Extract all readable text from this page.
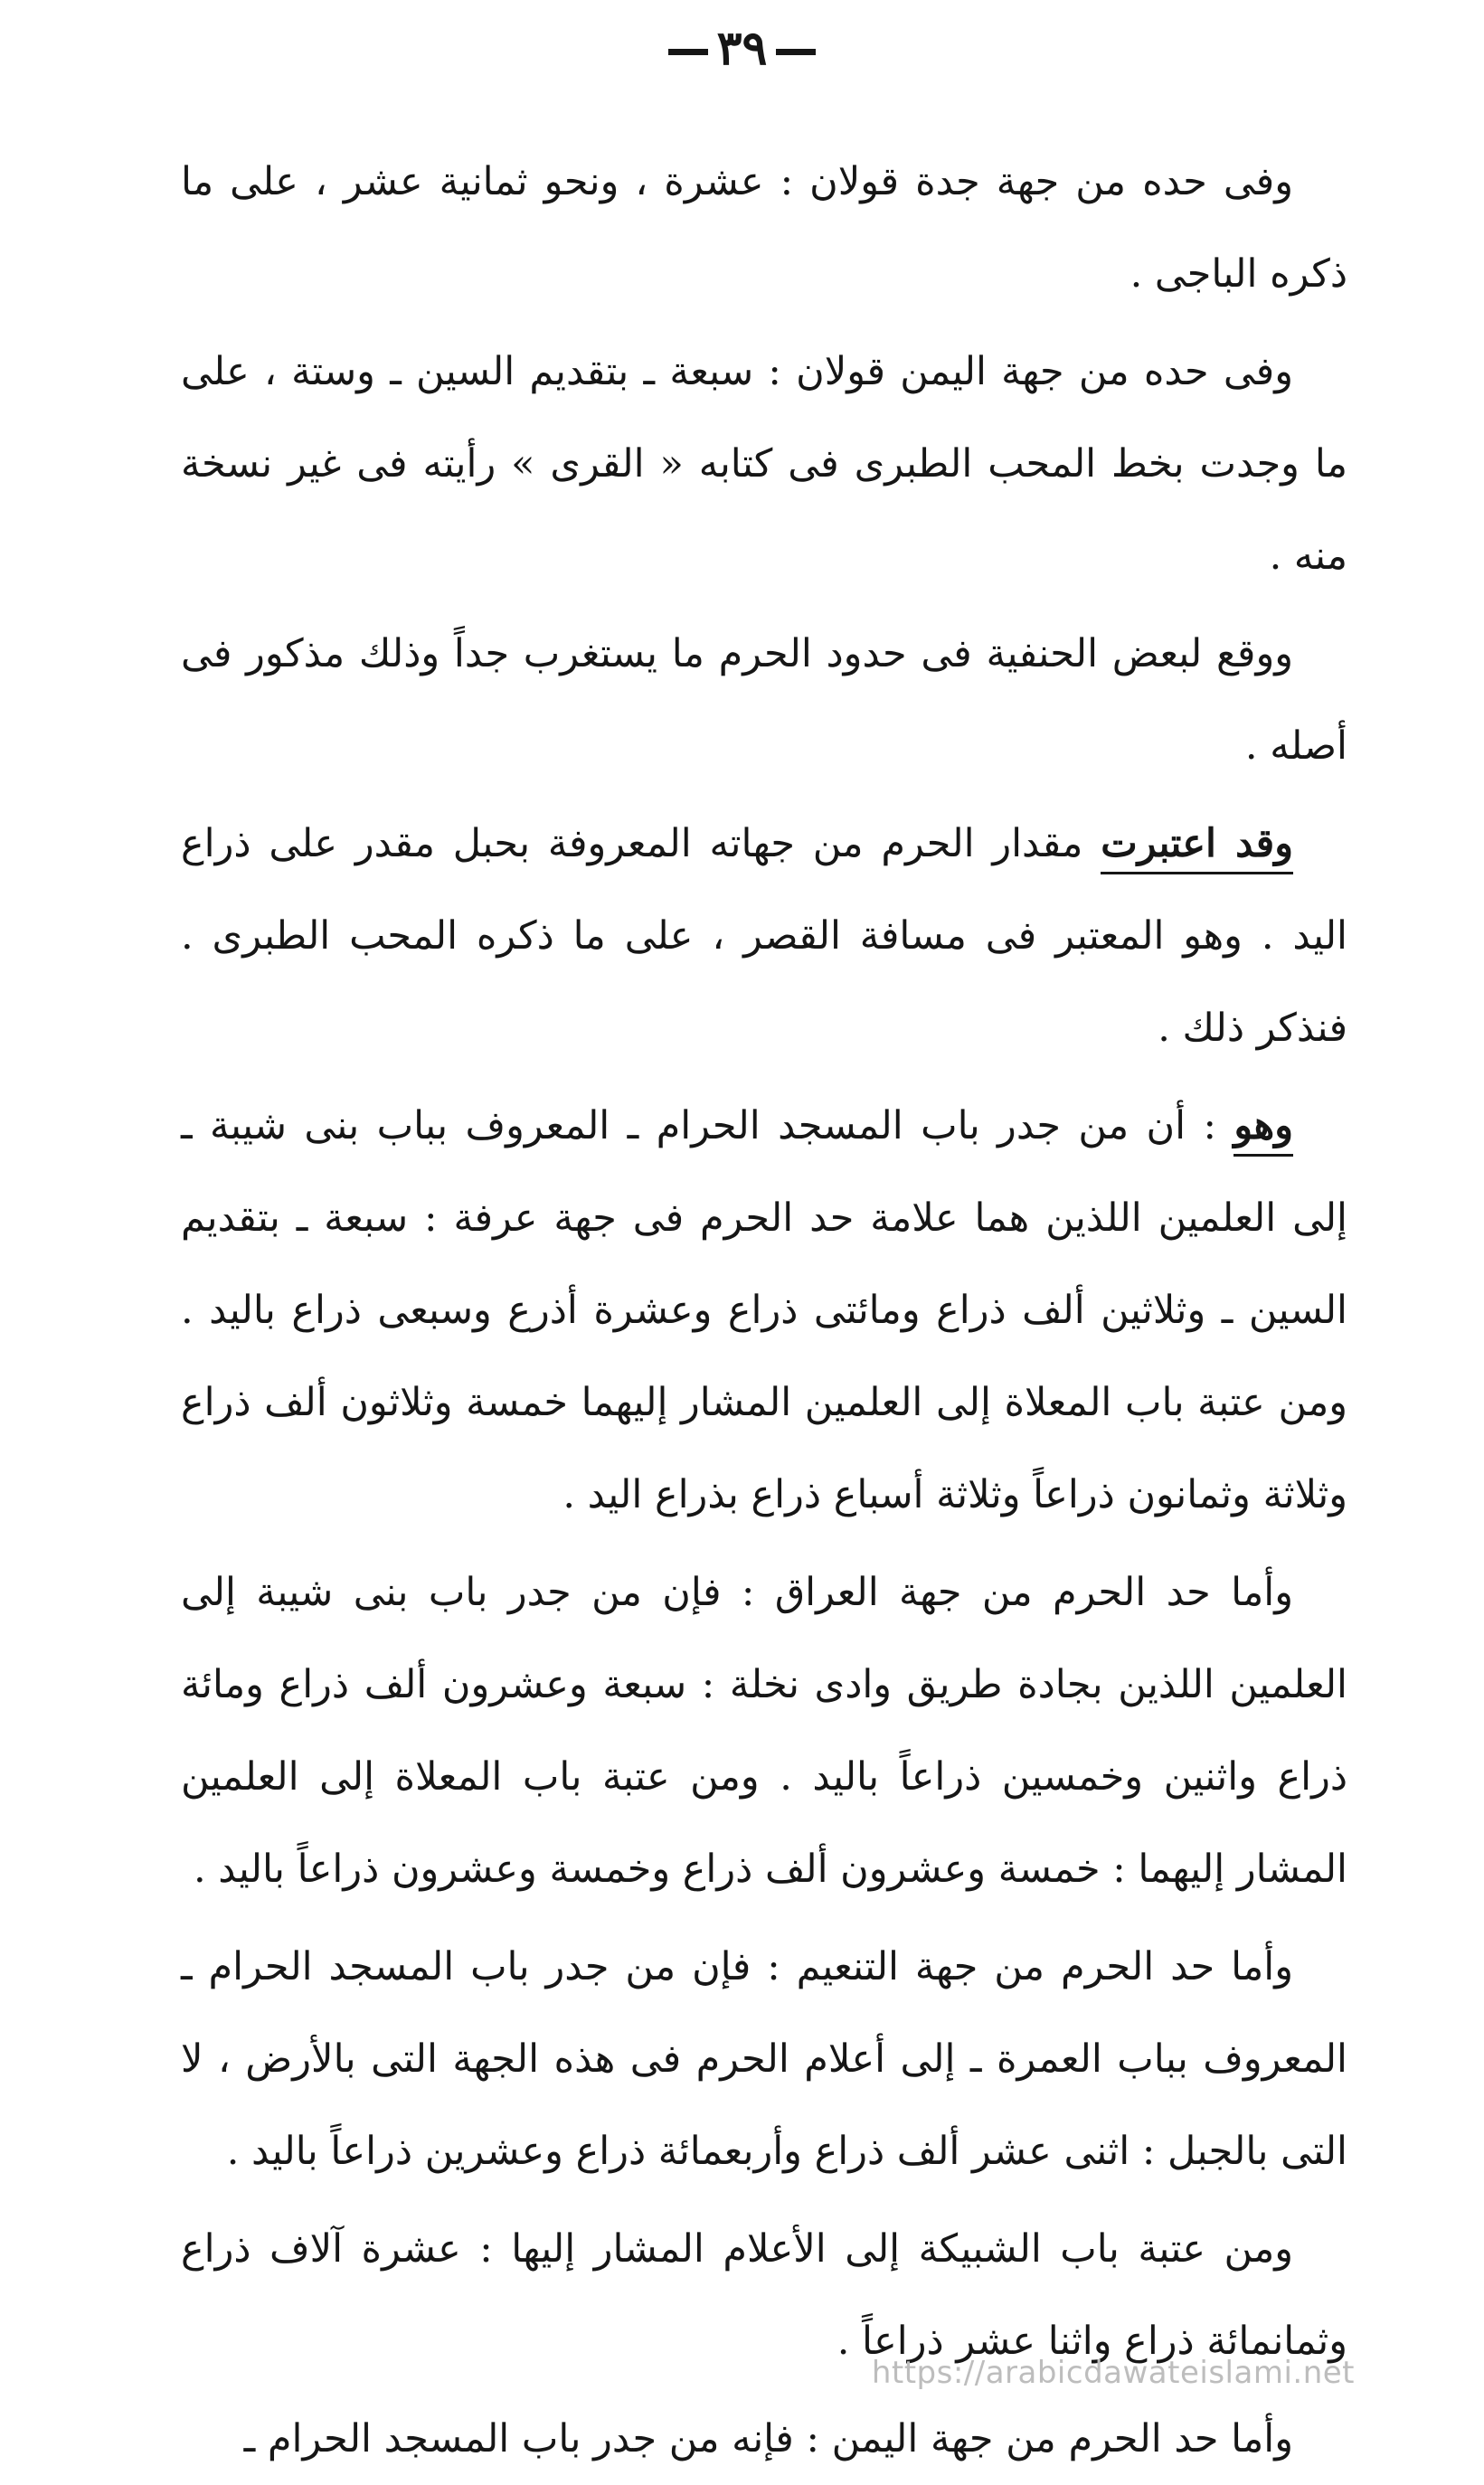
٣٩

وفى حده من جهة جدة قولان : عشرة ، ونحو ثمانية عشر ، على ما ذكره الباجى .

وفى حده من جهة اليمن قولان : سبعة ـ بتقديم السين ـ وستة ، على ما وجدت بخط المحب الطبرى فى كتابه « القرى » رأيته فى غير نسخة منه .

ووقع لبعض الحنفية فى حدود الحرم ما يستغرب جداً وذلك مذكور فى أصله .

وقد اعتبرت مقدار الحرم من جهاته المعروفة بحبل مقدر على ذراع اليد . وهو المعتبر فى مسافة القصر ، على ما ذكره المحب الطبرى . فنذكر ذلك .

وهو : أن من جدر باب المسجد الحرام ـ المعروف بباب بنى شيبة ـ إلى العلمين اللذين هما علامة حد الحرم فى جهة عرفة : سبعة ـ بتقديم السين ـ وثلاثين ألف ذراع ومائتى ذراع وعشرة أذرع وسبعى ذراع باليد . ومن عتبة باب المعلاة إلى العلمين المشار إليهما خمسة وثلاثون ألف ذراع وثلاثة وثمانون ذراعاً وثلاثة أسباع ذراع بذراع اليد .

وأما حد الحرم من جهة العراق : فإن من جدر باب بنى شيبة إلى العلمين اللذين بجادة طريق وادى نخلة : سبعة وعشرون ألف ذراع ومائة ذراع واثنين وخمسين ذراعاً باليد . ومن عتبة باب المعلاة إلى العلمين المشار إليهما : خمسة وعشرون ألف ذراع وخمسة وعشرون ذراعاً باليد .

وأما حد الحرم من جهة التنعيم : فإن من جدر باب المسجد الحرام ـ المعروف بباب العمرة ـ إلى أعلام الحرم فى هذه الجهة التى بالأرض ، لا التى بالجبل : اثنى عشر ألف ذراع وأربعمائة ذراع وعشرين ذراعاً باليد .

ومن عتبة باب الشبيكة إلى الأعلام المشار إليها : عشرة آلاف ذراع وثمانمائة ذراع واثنا عشر ذراعاً .

وأما حد الحرم من جهة اليمن : فإنه من جدر باب المسجد الحرام ـ

https://arabicdawateislami.net
